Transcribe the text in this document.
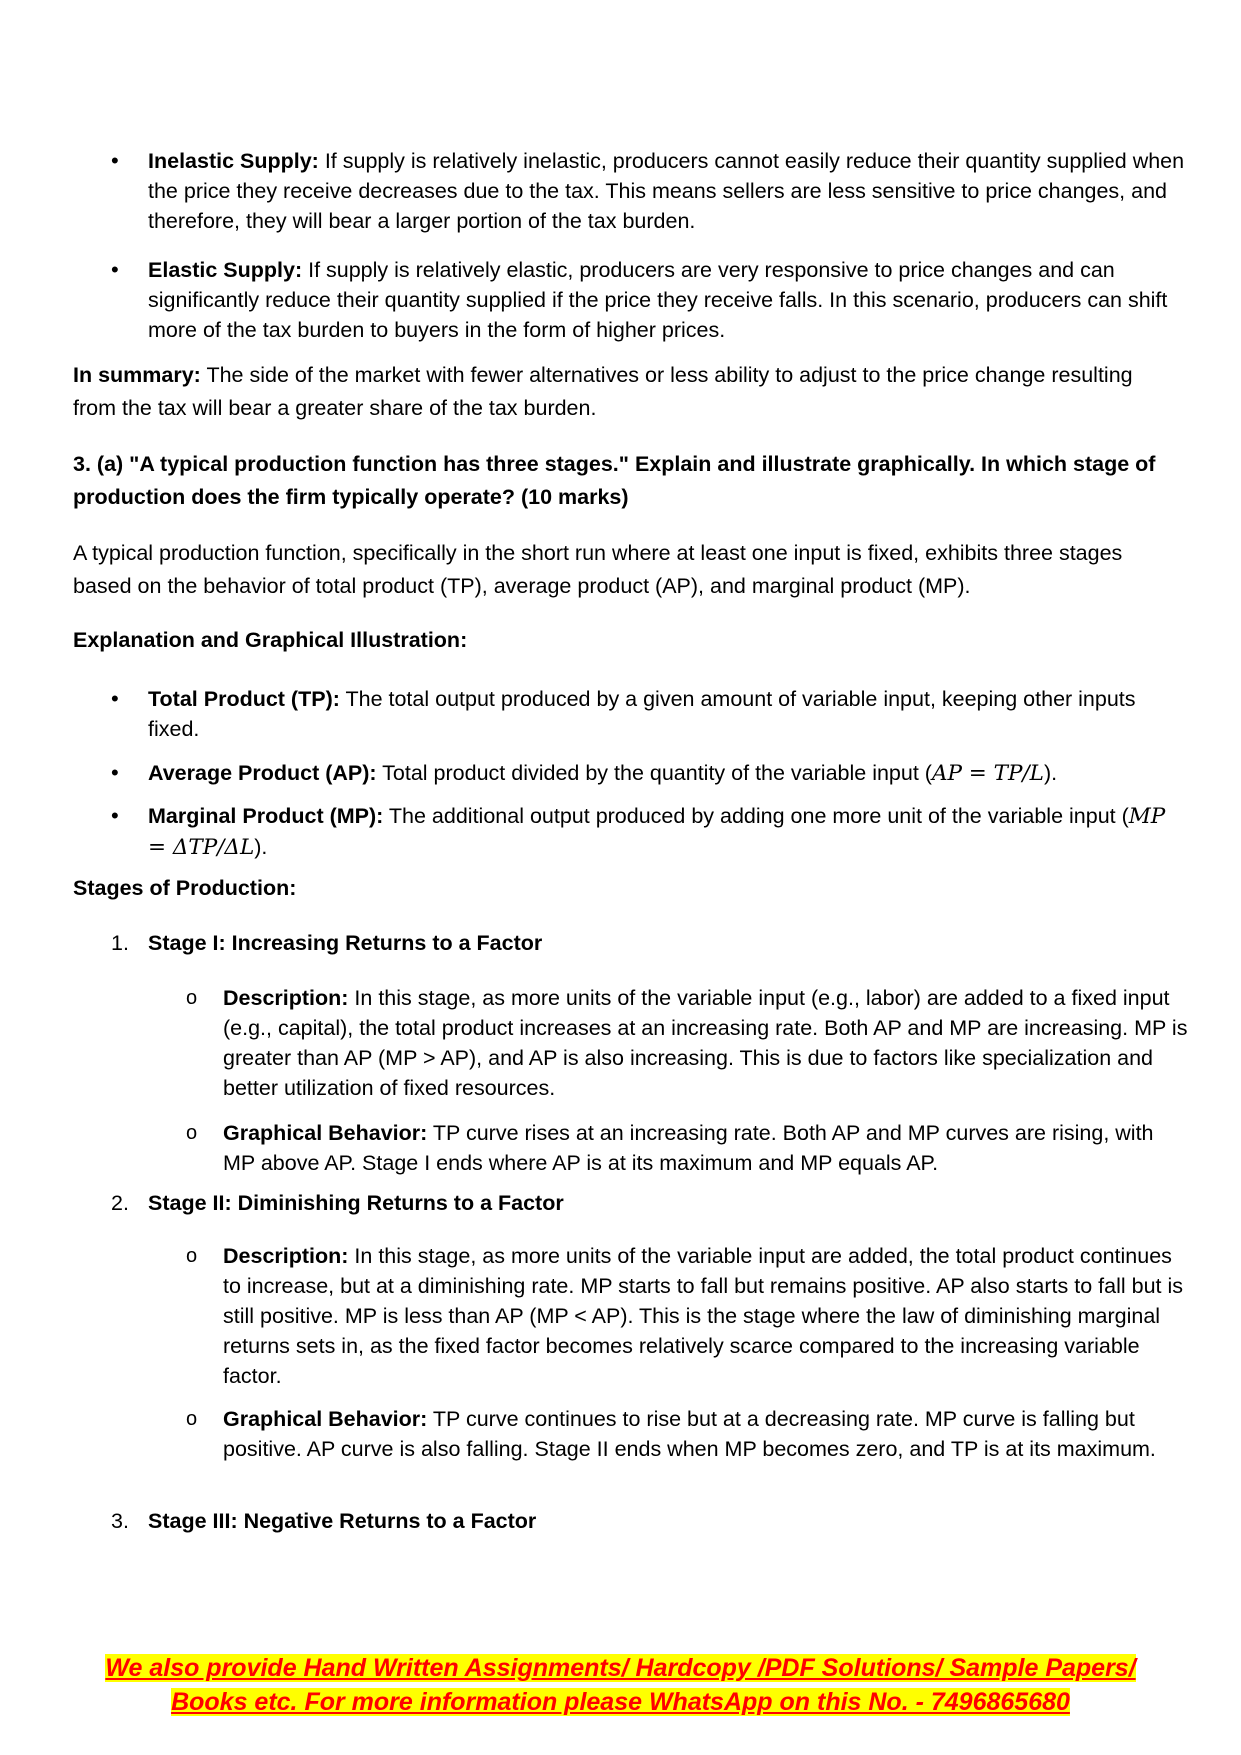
• Inelastic Supply: If supply is relatively inelastic, producers cannot easily reduce their quantity supplied when the price they receive decreases due to the tax. This means sellers are less sensitive to price changes, and therefore, they will bear a larger portion of the tax burden.
• Elastic Supply: If supply is relatively elastic, producers are very responsive to price changes and can significantly reduce their quantity supplied if the price they receive falls. In this scenario, producers can shift more of the tax burden to buyers in the form of higher prices.
In summary: The side of the market with fewer alternatives or less ability to adjust to the price change resulting from the tax will bear a greater share of the tax burden.
3. (a) "A typical production function has three stages." Explain and illustrate graphically. In which stage of production does the firm typically operate? (10 marks)
A typical production function, specifically in the short run where at least one input is fixed, exhibits three stages based on the behavior of total product (TP), average product (AP), and marginal product (MP).
Explanation and Graphical Illustration:
• Total Product (TP): The total output produced by a given amount of variable input, keeping other inputs fixed.
• Average Product (AP): Total product divided by the quantity of the variable input (AP = TP/L).
• Marginal Product (MP): The additional output produced by adding one more unit of the variable input (MP = ΔTP/ΔL).
Stages of Production:
1. Stage I: Increasing Returns to a Factor
o Description: In this stage, as more units of the variable input (e.g., labor) are added to a fixed input (e.g., capital), the total product increases at an increasing rate. Both AP and MP are increasing. MP is greater than AP (MP > AP), and AP is also increasing. This is due to factors like specialization and better utilization of fixed resources.
o Graphical Behavior: TP curve rises at an increasing rate. Both AP and MP curves are rising, with MP above AP. Stage I ends where AP is at its maximum and MP equals AP.
2. Stage II: Diminishing Returns to a Factor
o Description: In this stage, as more units of the variable input are added, the total product continues to increase, but at a diminishing rate. MP starts to fall but remains positive. AP also starts to fall but is still positive. MP is less than AP (MP < AP). This is the stage where the law of diminishing marginal returns sets in, as the fixed factor becomes relatively scarce compared to the increasing variable factor.
o Graphical Behavior: TP curve continues to rise but at a decreasing rate. MP curve is falling but positive. AP curve is also falling. Stage II ends when MP becomes zero, and TP is at its maximum.
3. Stage III: Negative Returns to a Factor
We also provide Hand Written Assignments/ Hardcopy /PDF Solutions/ Sample Papers/
Books etc. For more information please WhatsApp on this No. - 7496865680
